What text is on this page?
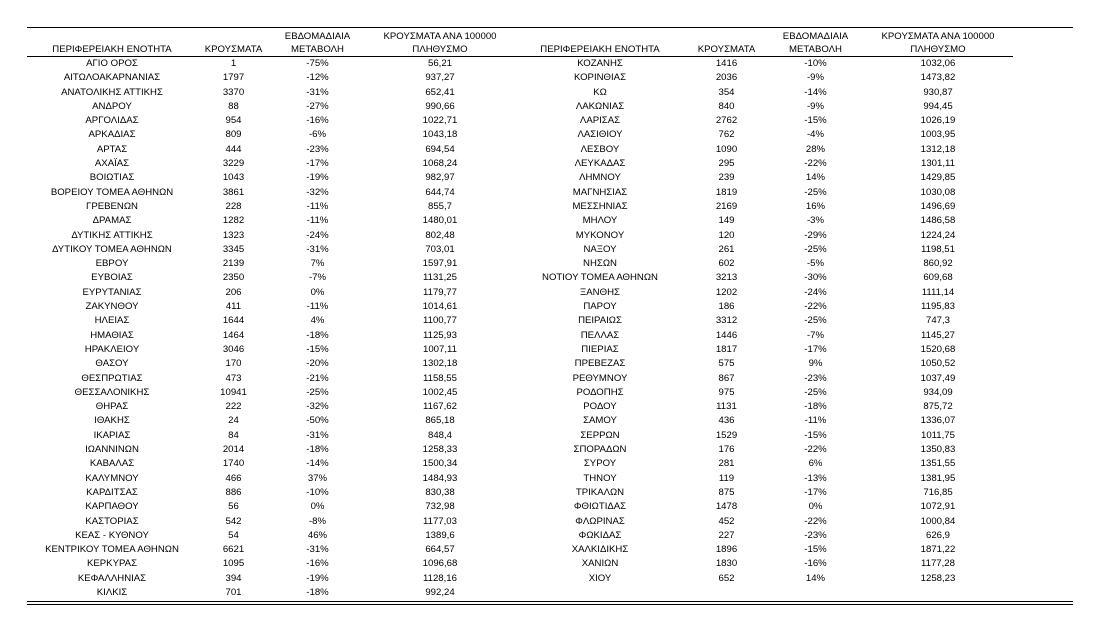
		ΕΒΔΟΜΑΔΙΑΙΑ	ΚΡΟΥΣΜΑΤΑ ΑΝΑ 100000			ΕΒΔΟΜΑΔΙΑΙΑ	ΚΡΟΥΣΜΑΤΑ ΑΝΑ 100000
ΠΕΡΙΦΕΡΕΙΑΚΗ ΕΝΟΤΗΤΑ	ΚΡΟΥΣΜΑΤΑ	ΜΕΤΑΒΟΛΗ	ΠΛΗΘΥΣΜΟ	ΠΕΡΙΦΕΡΕΙΑΚΗ ΕΝΟΤΗΤΑ	ΚΡΟΥΣΜΑΤΑ	ΜΕΤΑΒΟΛΗ	ΠΛΗΘΥΣΜΟ
ΑΓΙΟ ΟΡΟΣ	1	-75%	56,21	ΚΟΖΑΝΗΣ	1416	-10%	1032,06
ΑΙΤΩΛΟΑΚΑΡΝΑΝΙΑΣ	1797	-12%	937,27	ΚΟΡΙΝΘΙΑΣ	2036	-9%	1473,82
ΑΝΑΤΟΛΙΚΗΣ ΑΤΤΙΚΗΣ	3370	-31%	652,41	ΚΩ	354	-14%	930,87
ΑΝΔΡΟΥ	88	-27%	990,66	ΛΑΚΩΝΙΑΣ	840	-9%	994,45
ΑΡΓΟΛΙΔΑΣ	954	-16%	1022,71	ΛΑΡΙΣΑΣ	2762	-15%	1026,19
ΑΡΚΑΔΙΑΣ	809	-6%	1043,18	ΛΑΣΙΘΙΟΥ	762	-4%	1003,95
ΑΡΤΑΣ	444	-23%	694,54	ΛΕΣΒΟΥ	1090	28%	1312,18
ΑΧΑΪΑΣ	3229	-17%	1068,24	ΛΕΥΚΑΔΑΣ	295	-22%	1301,11
ΒΟΙΩΤΙΑΣ	1043	-19%	982,97	ΛΗΜΝΟΥ	239	14%	1429,85
ΒΟΡΕΙΟΥ ΤΟΜΕΑ ΑΘΗΝΩΝ	3861	-32%	644,74	ΜΑΓΝΗΣΙΑΣ	1819	-25%	1030,08
ΓΡΕΒΕΝΩΝ	228	-11%	855,7	ΜΕΣΣΗΝΙΑΣ	2169	16%	1496,69
ΔΡΑΜΑΣ	1282	-11%	1480,01	ΜΗΛΟΥ	149	-3%	1486,58
ΔΥΤΙΚΗΣ ΑΤΤΙΚΗΣ	1323	-24%	802,48	ΜΥΚΟΝΟΥ	120	-29%	1224,24
ΔΥΤΙΚΟΥ ΤΟΜΕΑ ΑΘΗΝΩΝ	3345	-31%	703,01	ΝΑΞΟΥ	261	-25%	1198,51
ΕΒΡΟΥ	2139	7%	1597,91	ΝΗΣΩΝ	602	-5%	860,92
ΕΥΒΟΙΑΣ	2350	-7%	1131,25	ΝΟΤΙΟΥ ΤΟΜΕΑ ΑΘΗΝΩΝ	3213	-30%	609,68
ΕΥΡΥΤΑΝΙΑΣ	206	0%	1179,77	ΞΑΝΘΗΣ	1202	-24%	1111,14
ΖΑΚΥΝΘΟΥ	411	-11%	1014,61	ΠΑΡΟΥ	186	-22%	1195,83
ΗΛΕΙΑΣ	1644	4%	1100,77	ΠΕΙΡΑΙΩΣ	3312	-25%	747,3
ΗΜΑΘΙΑΣ	1464	-18%	1125,93	ΠΕΛΛΑΣ	1446	-7%	1145,27
ΗΡΑΚΛΕΙΟΥ	3046	-15%	1007,11	ΠΙΕΡΙΑΣ	1817	-17%	1520,68
ΘΑΣΟΥ	170	-20%	1302,18	ΠΡΕΒΕΖΑΣ	575	9%	1050,52
ΘΕΣΠΡΩΤΙΑΣ	473	-21%	1158,55	ΡΕΘΥΜΝΟΥ	867	-23%	1037,49
ΘΕΣΣΑΛΟΝΙΚΗΣ	10941	-25%	1002,45	ΡΟΔΟΠΗΣ	975	-25%	934,09
ΘΗΡΑΣ	222	-32%	1167,62	ΡΟΔΟΥ	1131	-18%	875,72
ΙΘΑΚΗΣ	24	-50%	865,18	ΣΑΜΟΥ	436	-11%	1336,07
ΙΚΑΡΙΑΣ	84	-31%	848,4	ΣΕΡΡΩΝ	1529	-15%	1011,75
ΙΩΑΝΝΙΝΩΝ	2014	-18%	1258,33	ΣΠΟΡΑΔΩΝ	176	-22%	1350,83
ΚΑΒΑΛΑΣ	1740	-14%	1500,34	ΣΥΡΟΥ	281	6%	1351,55
ΚΑΛΥΜΝΟΥ	466	37%	1484,93	ΤΗΝΟΥ	119	-13%	1381,95
ΚΑΡΔΙΤΣΑΣ	886	-10%	830,38	ΤΡΙΚΑΛΩΝ	875	-17%	716,85
ΚΑΡΠΑΘΟΥ	56	0%	732,98	ΦΘΙΩΤΙΔΑΣ	1478	0%	1072,91
ΚΑΣΤΟΡΙΑΣ	542	-8%	1177,03	ΦΛΩΡΙΝΑΣ	452	-22%	1000,84
ΚΕΑΣ - ΚΥΘΝΟΥ	54	46%	1389,6	ΦΩΚΙΔΑΣ	227	-23%	626,9
ΚΕΝΤΡΙΚΟΥ ΤΟΜΕΑ ΑΘΗΝΩΝ	6621	-31%	664,57	ΧΑΛΚΙΔΙΚΗΣ	1896	-15%	1871,22
ΚΕΡΚΥΡΑΣ	1095	-16%	1096,68	ΧΑΝΙΩΝ	1830	-16%	1177,28
ΚΕΦΑΛΛΗΝΙΑΣ	394	-19%	1128,16	ΧΙΟΥ	652	14%	1258,23
ΚΙΛΚΙΣ	701	-18%	992,24				
